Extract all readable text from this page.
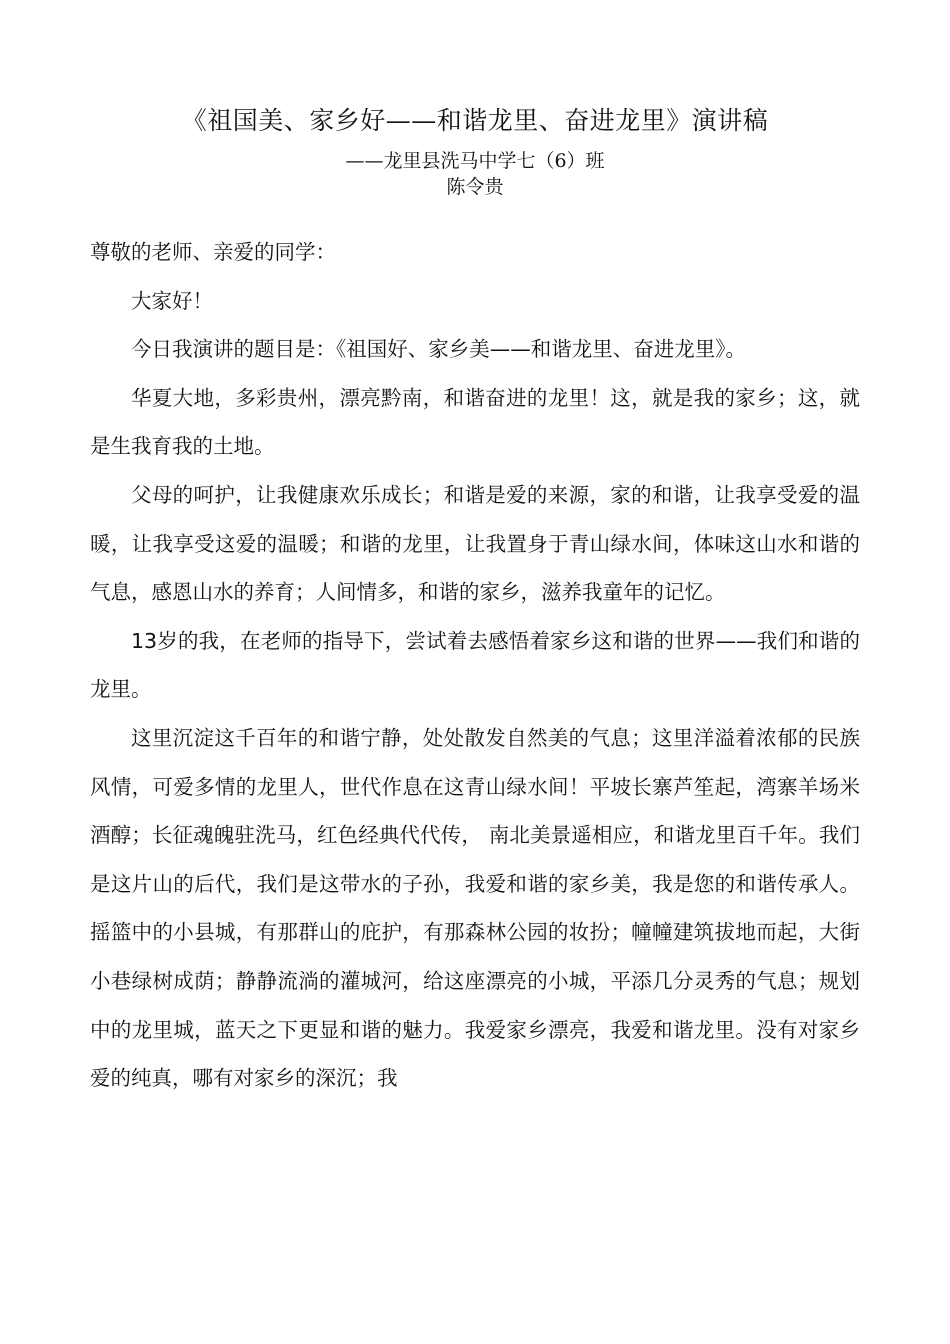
《祖国美、家乡好——和谐龙里、奋进龙里》演讲稿
——龙里县洗马中学七（6）班
陈令贵

尊敬的老师、亲爱的同学：

大家好！

今日我演讲的题目是：《祖国好、家乡美——和谐龙里、奋进龙里》。

华夏大地，多彩贵州，漂亮黔南，和谐奋进的龙里！这，就是我的家乡；这，就是生我育我的土地。

父母的呵护，让我健康欢乐成长；和谐是爱的来源，家的和谐，让我享受爱的温暖，让我享受这爱的温暖；和谐的龙里，让我置身于青山绿水间，体味这山水和谐的气息，感恩山水的养育；人间情多，和谐的家乡，滋养我童年的记忆。

13岁的我，在老师的指导下，尝试着去感悟着家乡这和谐的世界——我们和谐的龙里。

这里沉淀这千百年的和谐宁静，处处散发自然美的气息；这里洋溢着浓郁的民族风情，可爱多情的龙里人，世代作息在这青山绿水间！平坡长寨芦笙起，湾寨羊场米酒醇；长征魂魄驻洗马，红色经典代代传， 南北美景遥相应，和谐龙里百千年。我们是这片山的后代，我们是这带水的子孙，我爱和谐的家乡美，我是您的和谐传承人。摇篮中的小县城，有那群山的庇护，有那森林公园的妆扮；幢幢建筑拔地而起，大街小巷绿树成荫；静静流淌的灌城河，给这座漂亮的小城，平添几分灵秀的气息；规划中的龙里城，蓝天之下更显和谐的魅力。我爱家乡漂亮，我爱和谐龙里。没有对家乡爱的纯真，哪有对家乡的深沉；我
